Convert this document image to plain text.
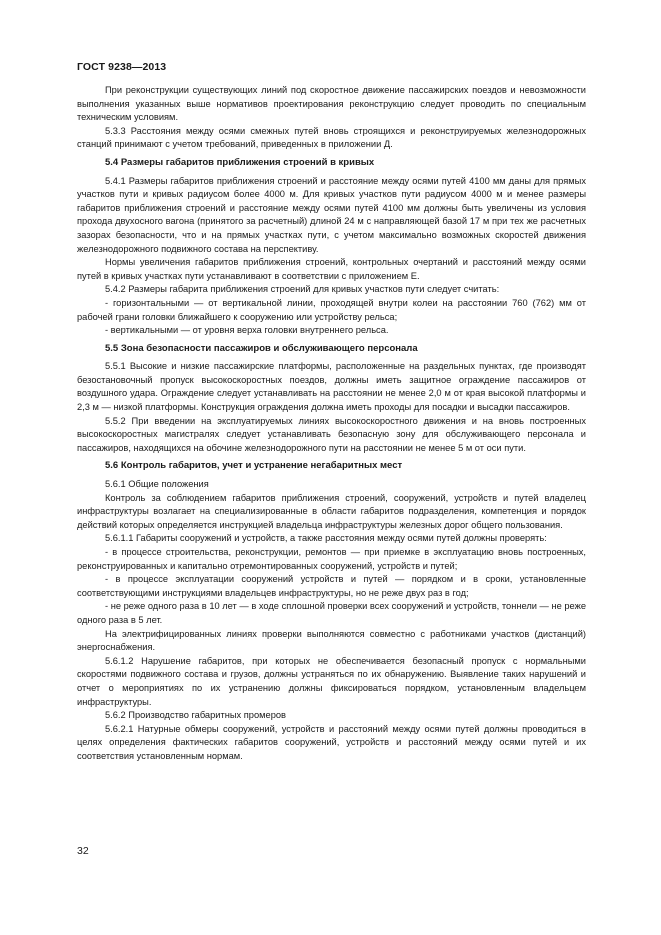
ГОСТ 9238—2013

При реконструкции существующих линий под скоростное движение пассажирских поездов и невозможности выполнения указанных выше нормативов проектирования реконструкцию следует проводить по специальным техническим условиям.

5.3.3 Расстояния между осями смежных путей вновь строящихся и реконструируемых железнодорожных станций принимают с учетом требований, приведенных в приложении Д.

5.4 Размеры габаритов приближения строений в кривых

5.4.1 Размеры габаритов приближения строений и расстояние между осями путей 4100 мм даны для прямых участков пути и кривых радиусом более 4000 м. Для кривых участков пути радиусом 4000 м и менее размеры габаритов приближения строений и расстояние между осями путей 4100 мм должны быть увеличены из условия прохода двухосного вагона (принятого за расчетный) длиной 24 м с направляющей базой 17 м при тех же расчетных зазорах безопасности, что и на прямых участках пути, с учетом максимально возможных скоростей движения железнодорожного подвижного состава на перспективу.

Нормы увеличения габаритов приближения строений, контрольных очертаний и расстояний между осями путей в кривых участках пути устанавливают в соответствии с приложением Е.

5.4.2 Размеры габарита приближения строений для кривых участков пути следует считать:

- горизонтальными — от вертикальной линии, проходящей внутри колеи на расстоянии 760 (762) мм от рабочей грани головки ближайшего к сооружению или устройству рельса;

- вертикальными — от уровня верха головки внутреннего рельса.

5.5 Зона безопасности пассажиров и обслуживающего персонала

5.5.1 Высокие и низкие пассажирские платформы, расположенные на раздельных пунктах, где производят безостановочный пропуск высокоскоростных поездов, должны иметь защитное ограждение пассажиров от воздушного удара. Ограждение следует устанавливать на расстоянии не менее 2,0 м от края высокой платформы и 2,3 м — низкой платформы. Конструкция ограждения должна иметь проходы для посадки и высадки пассажиров.

5.5.2 При введении на эксплуатируемых линиях высокоскоростного движения и на вновь построенных высокоскоростных магистралях следует устанавливать безопасную зону для обслуживающего персонала и пассажиров, находящихся на обочине железнодорожного пути на расстоянии не менее 5 м от оси пути.

5.6 Контроль габаритов, учет и устранение негабаритных мест

5.6.1 Общие положения

Контроль за соблюдением габаритов приближения строений, сооружений, устройств и путей владелец инфраструктуры возлагает на специализированные в области габаритов подразделения, компетенция и порядок действий которых определяется инструкцией владельца инфраструктуры железных дорог общего пользования.

5.6.1.1 Габариты сооружений и устройств, а также расстояния между осями путей должны проверять:

- в процессе строительства, реконструкции, ремонтов — при приемке в эксплуатацию вновь построенных, реконструированных и капитально отремонтированных сооружений, устройств и путей;

- в процессе эксплуатации сооружений устройств и путей — порядком и в сроки, установленные соответствующими инструкциями владельцев инфраструктуры, но не реже двух раз в год;

- не реже одного раза в 10 лет — в ходе сплошной проверки всех сооружений и устройств, тоннели — не реже одного раза в 5 лет.

На электрифицированных линиях проверки выполняются совместно с работниками участков (дистанций) энергоснабжения.

5.6.1.2 Нарушение габаритов, при которых не обеспечивается безопасный пропуск с нормальными скоростями подвижного состава и грузов, должны устраняться по их обнаружению. Выявление таких нарушений и отчет о мероприятиях по их устранению должны фиксироваться порядком, установленным владельцем инфраструктуры.

5.6.2 Производство габаритных промеров

5.6.2.1 Натурные обмеры сооружений, устройств и расстояний между осями путей должны проводиться в целях определения фактических габаритов сооружений, устройств и расстояний между осями путей и их соответствия установленным нормам.

32
